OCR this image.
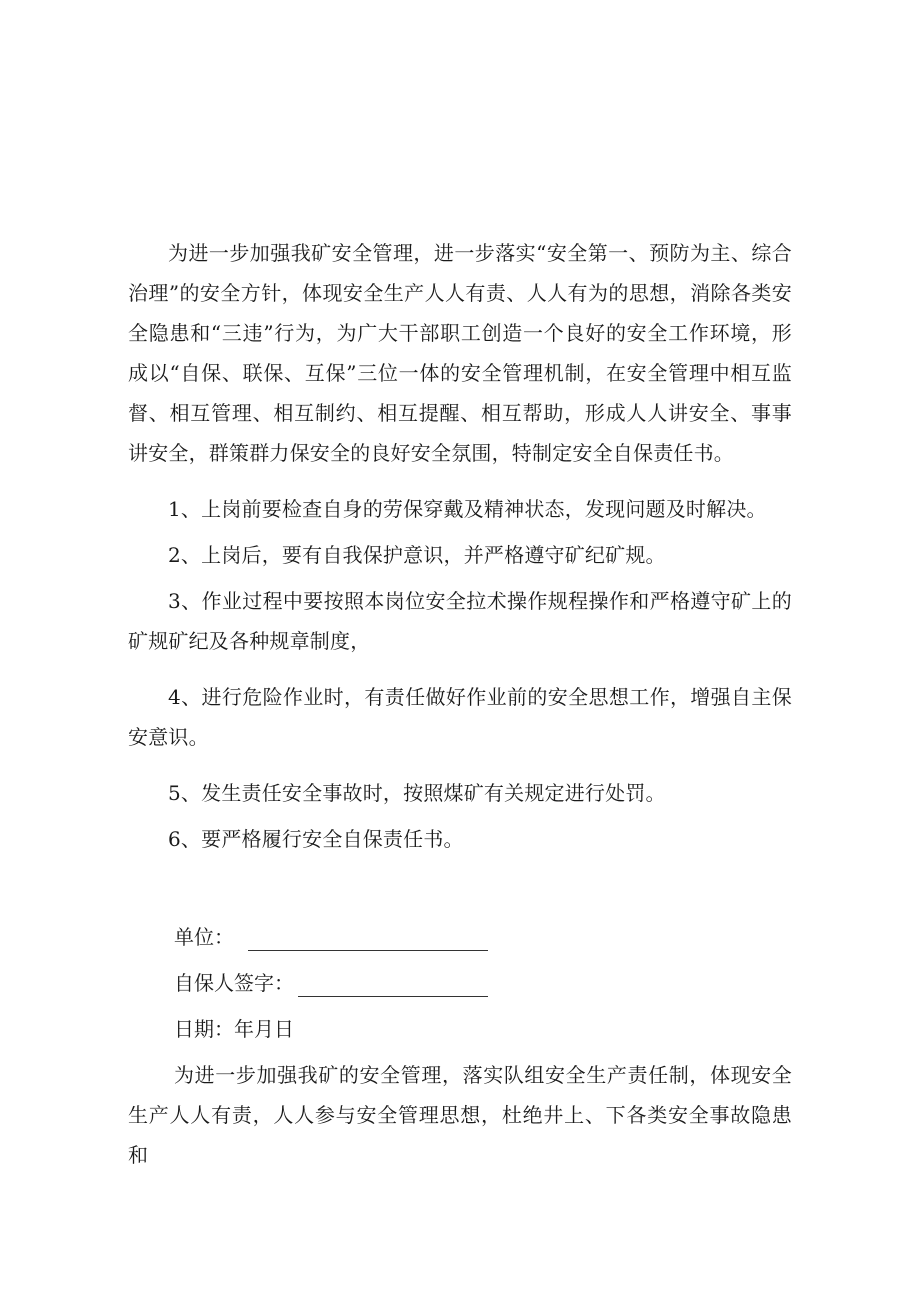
为进一步加强我矿安全管理，进一步落实“安全第一、预防为主、综合治理”的安全方针，体现安全生产人人有责、人人有为的思想，消除各类安全隐患和“三违”行为，为广大干部职工创造一个良好的安全工作环境，形成以“自保、联保、互保”三位一体的安全管理机制，在安全管理中相互监督、相互管理、相互制约、相互提醒、相互帮助，形成人人讲安全、事事讲安全，群策群力保安全的良好安全氛围，特制定安全自保责任书。

1、上岗前要检查自身的劳保穿戴及精神状态，发现问题及时解决。

2、上岗后，要有自我保护意识，并严格遵守矿纪矿规。

3、作业过程中要按照本岗位安全拉术操作规程操作和严格遵守矿上的矿规矿纪及各种规章制度，

4、进行危险作业时，有责任做好作业前的安全思想工作，增强自主保安意识。

5、发生责任安全事故时，按照煤矿有关规定进行处罚。

6、要严格履行安全自保责任书。

单位：
自保人签字：
日期：年月日

为进一步加强我矿的安全管理，落实队组安全生产责任制，体现安全生产人人有责，人人参与安全管理思想，杜绝井上、下各类安全事故隐患和
